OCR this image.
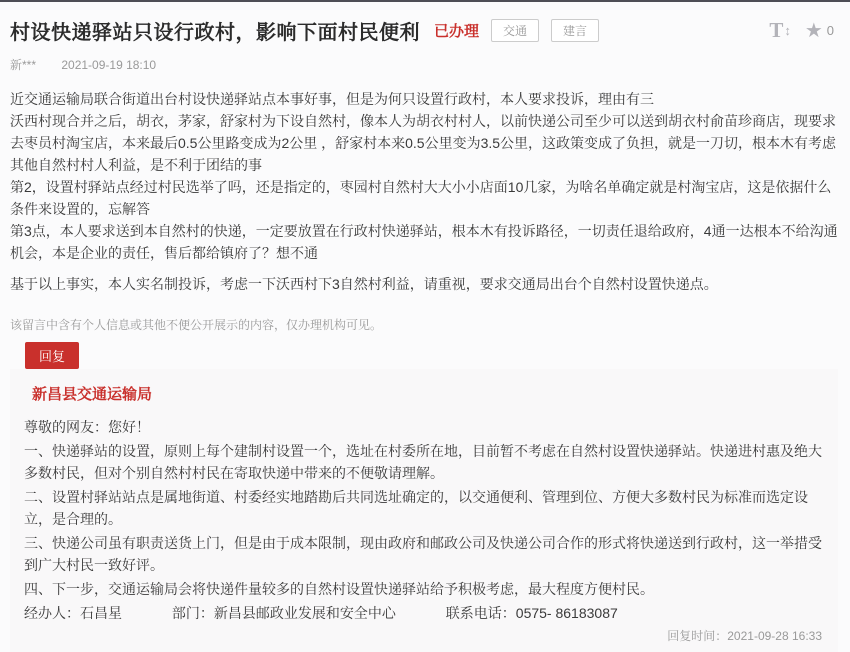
村设快递驿站只设行政村，影响下面村民便利 已办理	交通	建言	T ↕ ★ 0
新*** 2021-09-19 18:10

近交通运输局联合街道出台村设快递驿站点本事好事，但是为何只设置行政村，本人要求投诉，理由有三

沃西村现合并之后，胡衣，茅家，舒家村为下设自然村，像本人为胡衣村村人，以前快递公司至少可以送到胡衣村俞苗珍商店，现要求去枣员村淘宝店，本来最后0.5公里路变成为2公里 ，舒家村本来0.5公里变为3.5公里，这政策变成了负担，就是一刀切，根本木有考虑其他自然村村人利益，是不利于团结的事

第2，设置村驿站点经过村民选举了吗，还是指定的，枣园村自然村大大小小店面10几家，为啥名单确定就是村淘宝店，这是依据什么条件来设置的，忘解答

第3点，本人要求送到本自然村的快递，一定要放置在行政村快递驿站，根本木有投诉路径，一切责任退给政府，4通一达根本不给沟通机会，本是企业的责任，售后都给镇府了？想不通

基于以上事实，本人实名制投诉，考虑一下沃西村下3自然村利益，请重视，要求交通局出台个自然村设置快递点。

该留言中含有个人信息或其他不便公开展示的内容，仅办理机构可见。
回复
新昌县交通运输局

尊敬的网友：您好！

一、快递驿站的设置，原则上每个建制村设置一个，选址在村委所在地，目前暂不考虑在自然村设置快递驿站。快递进村惠及绝大多数村民，但对个别自然村村民在寄取快递中带来的不便敬请理解。

二、设置村驿站站点是属地街道、村委经实地踏勘后共同选址确定的，以交通便利、管理到位、方便大多数村民为标准而选定设立，是合理的。

三、快递公司虽有职责送货上门，但是由于成本限制，现由政府和邮政公司及快递公司合作的形式将快递送到行政村，这一举措受到广大村民一致好评。

四、下一步，交通运输局会将快递件量较多的自然村设置快递驿站给予积极考虑，最大程度方便村民。

经办人：石昌星	部门：新昌县邮政业发展和安全中心	联系电话：0575- 86183087
回复时间：2021-09-28 16:33
